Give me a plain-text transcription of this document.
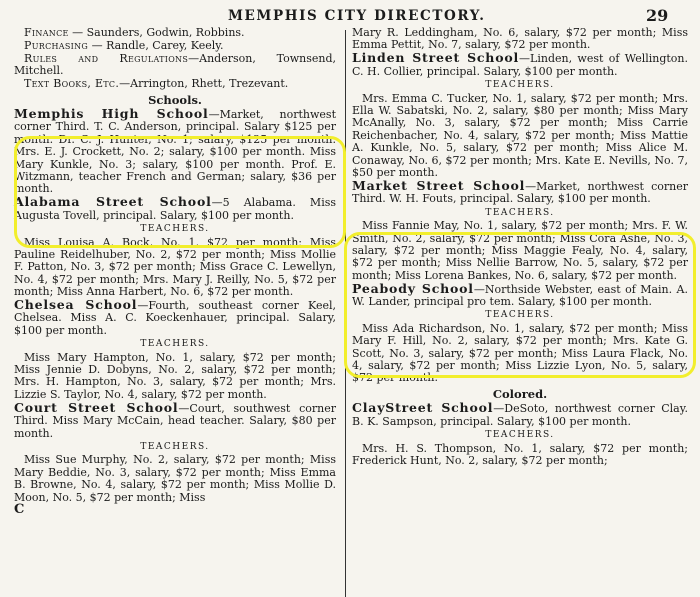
MEMPHIS CITY DIRECTORY.	29

Finance — Saunders, Godwin, Robbins.

Purchasing — Randle, Carey, Keely.

Rules and Regulations—Anderson, Townsend, Mitchell.

Text Books, Etc.—Arrington, Rhett, Trezevant.

Schools.

Memphis High School—Market, northwest corner Third. T. C. Anderson, principal. Salary $125 per month. Dr. C. J. Hunter, No. 1; salary, $125 per month. Mrs. E. J. Crockett, No. 2; salary, $100 per month. Miss Mary Kunkle, No. 3; salary, $100 per month. Prof. E. Witzmann, teacher French and German; salary, $36 per month.

Alabama Street School—5 Alabama. Miss Augusta Tovell, principal. Salary, $100 per month.

TEACHERS.

Miss Louisa A. Bock, No. 1, $72 per month; Miss Pauline Reidelhuber, No. 2, $72 per month; Miss Mollie F. Patton, No. 3, $72 per month; Miss Grace C. Lewellyn, No. 4, $72 per month; Mrs. Mary J. Reilly, No. 5, $72 per month; Miss Anna Harbert, No. 6, $72 per month.

Chelsea School—Fourth, southeast corner Keel, Chelsea. Miss A. C. Koeckenhauer, principal. Salary, $100 per month.

TEACHERS.

Miss Mary Hampton, No. 1, salary, $72 per month; Miss Jennie D. Dobyns, No. 2, salary, $72 per month; Mrs. H. Hampton, No. 3, salary, $72 per month; Mrs. Lizzie S. Taylor, No. 4, salary, $72 per month.

Court Street School—Court, southwest corner Third. Miss Mary McCain, head teacher. Salary, $80 per month.

TEACHERS.

Miss Sue Murphy, No. 2, salary, $72 per month; Miss Mary Beddie, No. 3, salary, $72 per month; Miss Emma B. Browne, No. 4, salary, $72 per month; Miss Mollie D. Moon, No. 5, $72 per month; Miss

C

Mary R. Leddingham, No. 6, salary, $72 per month; Miss Emma Pettit, No. 7, salary, $72 per month.

Linden Street School—Linden, west of Wellington. C. H. Collier, principal. Salary, $100 per month.

TEACHERS.

Mrs. Emma C. Tucker, No. 1, salary, $72 per month; Mrs. Ella W. Sabatski, No. 2, salary, $80 per month; Miss Mary McAnally, No. 3, salary, $72 per month; Miss Carrie Reichenbacher, No. 4, salary, $72 per month; Miss Mattie A. Kunkle, No. 5, salary, $72 per month; Miss Alice M. Conaway, No. 6, $72 per month; Mrs. Kate E. Nevills, No. 7, $50 per month.

Market Street School—Market, northwest corner Third. W. H. Fouts, principal. Salary, $100 per month.

TEACHERS.

Miss Fannie May, No. 1, salary, $72 per month; Mrs. F. W. Smith, No. 2, salary, $72 per month; Miss Cora Ashe, No. 3, salary, $72 per month; Miss Maggie Fealy, No. 4, salary, $72 per month; Miss Nellie Barrow, No. 5, salary, $72 per month; Miss Lorena Bankes, No. 6, salary, $72 per month.

Peabody School—Northside Webster, east of Main. A. W. Lander, principal pro tem. Salary, $100 per month.

TEACHERS.

Miss Ada Richardson, No. 1, salary, $72 per month; Miss Mary F. Hill, No. 2, salary, $72 per month; Mrs. Kate G. Scott, No. 3, salary, $72 per month; Miss Laura Flack, No. 4, salary, $72 per month; Miss Lizzie Lyon, No. 5, salary, $72 per month.

Colored.

ClayStreet School—DeSoto, northwest corner Clay. B. K. Sampson, principal. Salary, $100 per month.

TEACHERS.

Mrs. H. S. Thompson, No. 1, salary, $72 per month; Frederick Hunt, No. 2, salary, $72 per month;
